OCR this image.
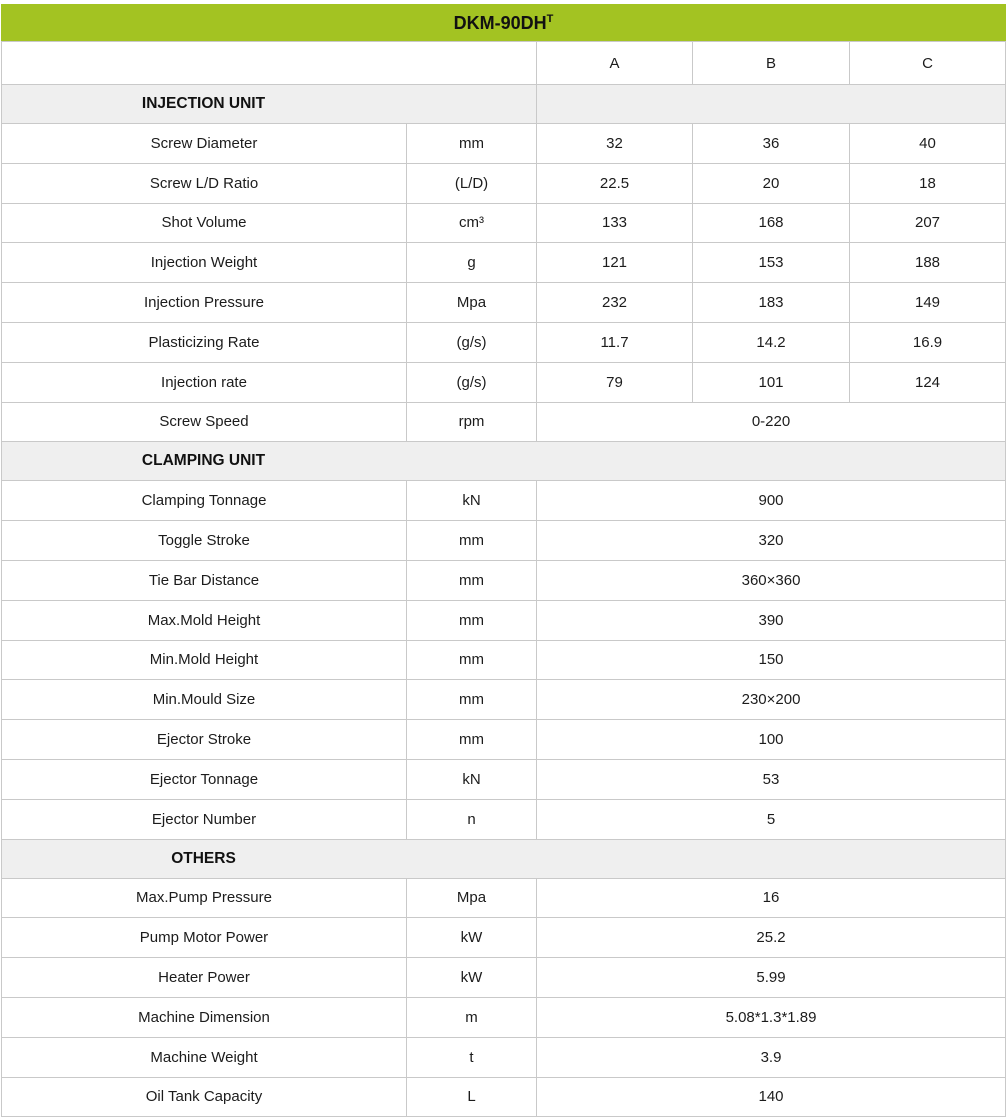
DKM-$90DH^T$
		A	B	C
INJECTION UNIT				
Screw Diameter	mm	32	36	40
Screw L/D Ratio	(L/D)	22.5	20	18
Shot Volume	cm³	133	168	207
Injection Weight	g	121	153	188
Injection Pressure	Mpa	232	183	149
Plasticizing Rate	(g/s)	11.7	14.2	16.9
Injection rate	(g/s)	79	101	124
Screw Speed	rpm	0-220		
CLAMPING UNIT				
Clamping Tonnage	kN	900		
Toggle Stroke	mm	320		
Tie Bar Distance	mm	360×360		
Max.Mold Height	mm	390		
Min.Mold Height	mm	150		
Min.Mould Size	mm	230×200		
Ejector Stroke	mm	100		
Ejector Tonnage	kN	53		
Ejector Number	n	5		
OTHERS				
Max.Pump Pressure	Mpa	16		
Pump Motor Power	kW	25.2		
Heater Power	kW	5.99		
Machine Dimension	m	5.08*1.3*1.89		
Machine Weight	t	3.9		
Oil Tank Capacity	L	140		
